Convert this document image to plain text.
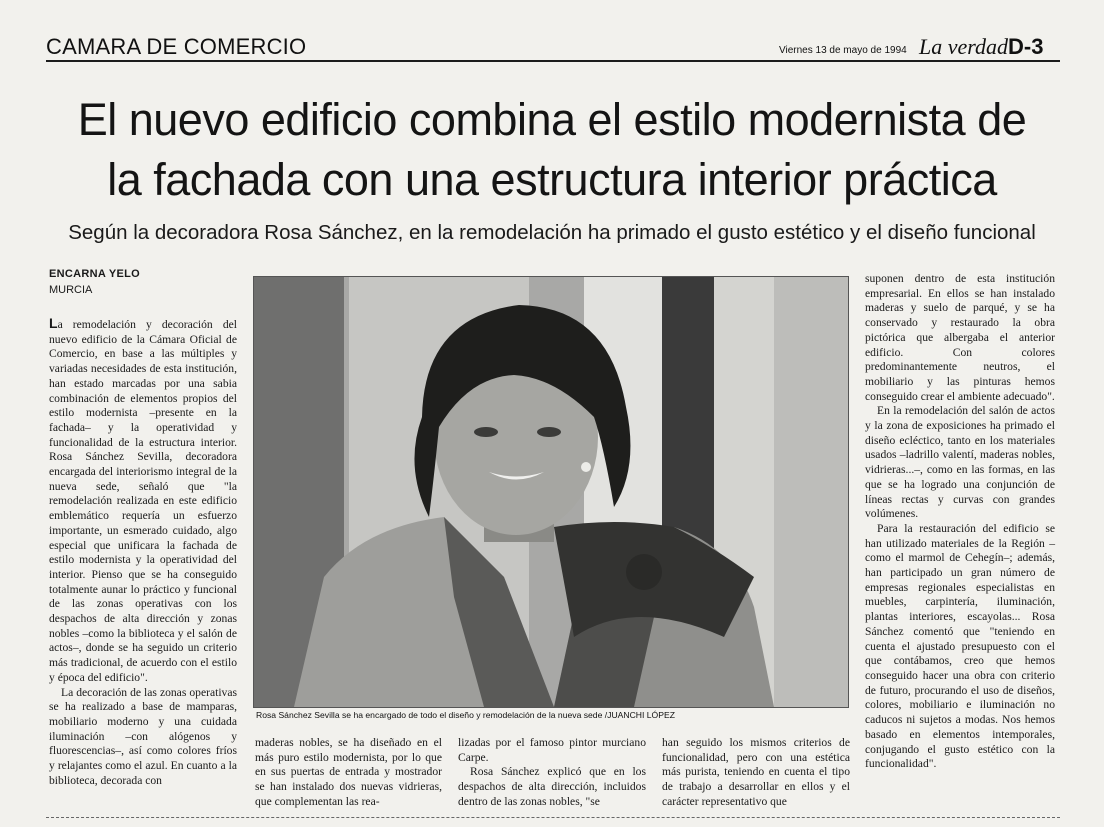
CAMARA DE COMERCIO	Viernes 13 de mayo de 1994 La verdad D-3
El nuevo edificio combina el estilo modernista de
la fachada con una estructura interior práctica
Según la decoradora Rosa Sánchez, en la remodelación ha primado el gusto estético y el diseño funcional
ENCARNA YELO
MURCIA

La remodelación y decoración del nuevo edificio de la Cámara Oficial de Comercio, en base a las múltiples y variadas necesidades de esta institución, han estado marcadas por una sabia combinación de elementos propios del estilo modernista –presente en la fachada– y la operatividad y funcionalidad de la estructura interior. Rosa Sánchez Sevilla, decoradora encargada del interiorismo integral de la nueva sede, señaló que "la remodelación realizada en este edificio emblemático requería un esfuerzo importante, un esmerado cuidado, algo especial que unificara la fachada de estilo modernista y la operatividad del interior. Pienso que se ha conseguido totalmente aunar lo práctico y funcional de las zonas operativas con los despachos de alta dirección y zonas nobles –como la biblioteca y el salón de actos–, donde se ha seguido un criterio más tradicional, de acuerdo con el estilo y época del edificio".

La decoración de las zonas operativas se ha realizado a base de mamparas, mobiliario moderno y una cuidada iluminación –con alógenos y fluorescencias–, así como colores fríos y relajantes como el azul. En cuanto a la biblioteca, decorada con

Rosa Sánchez Sevilla se ha encargado de todo el diseño y remodelación de la nueva sede /JUANCHI LÓPEZ

maderas nobles, se ha diseñado en el más puro estilo modernista, por lo que en sus puertas de entrada y mostrador se han instalado dos nuevas vidrieras, que complementan las rea-

lizadas por el famoso pintor murciano Carpe.

Rosa Sánchez explicó que en los despachos de alta dirección, incluidos dentro de las zonas nobles, "se

han seguido los mismos criterios de funcionalidad, pero con una estética más purista, teniendo en cuenta el tipo de trabajo a desarrollar en ellos y el carácter representativo que

suponen dentro de esta institución empresarial. En ellos se han instalado maderas y suelo de parqué, y se ha conservado y restaurado la obra pictórica que albergaba el anterior edificio. Con colores predominantemente neutros, el mobiliario y las pinturas hemos conseguido crear el ambiente adecuado".

En la remodelación del salón de actos y la zona de exposiciones ha primado el diseño ecléctico, tanto en los materiales usados –ladrillo valentí, maderas nobles, vidrieras...–, como en las formas, en las que se ha logrado una conjunción de líneas rectas y curvas con grandes volúmenes.

Para la restauración del edificio se han utilizado materiales de la Región –como el marmol de Cehegín–; además, han participado un gran número de empresas regionales especialistas en muebles, carpintería, iluminación, plantas interiores, escayolas... Rosa Sánchez comentó que "teniendo en cuenta el ajustado presupuesto con el que contábamos, creo que hemos conseguido hacer una obra con criterio de futuro, procurando el uso de diseños, colores, mobiliario e iluminación no caducos ni sujetos a modas. Nos hemos basado en elementos intemporales, conjugando el gusto estético con la funcionalidad".
